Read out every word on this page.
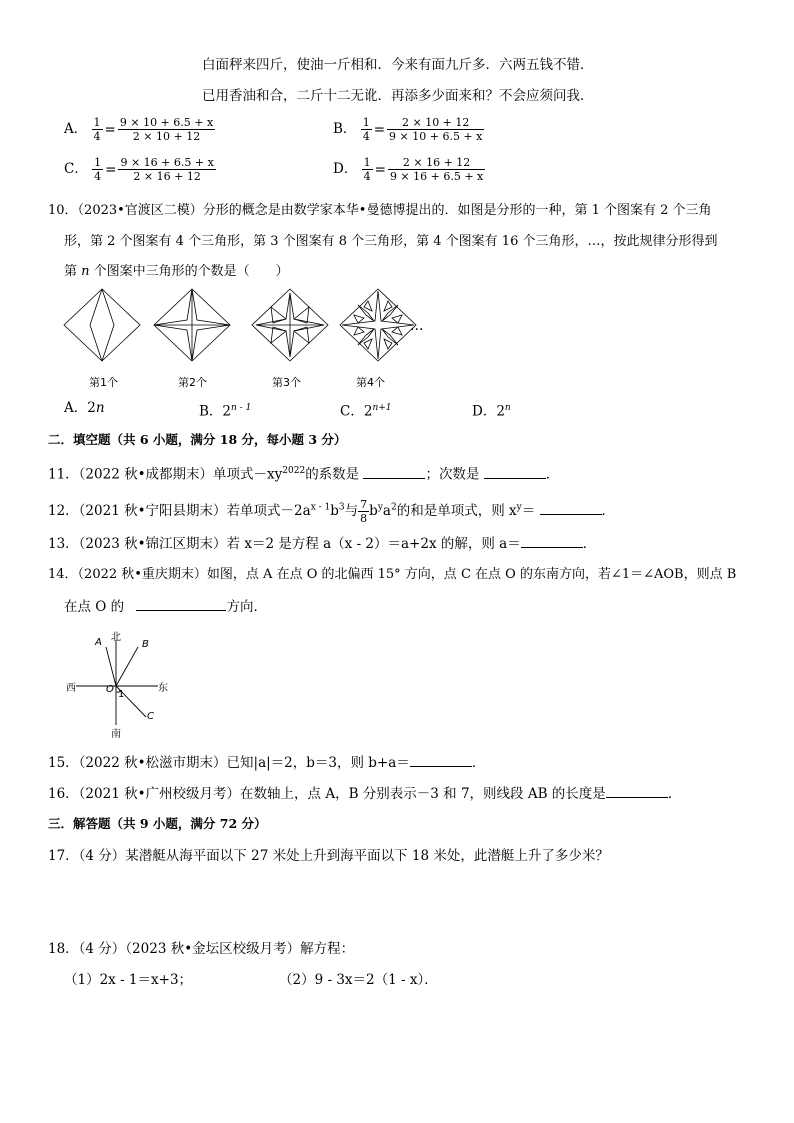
白面秤来四斤，使油一斤相和．今来有面九斤多．六两五钱不错．
已用香油和合，二斤十二无讹．再添多少面来和？不会应须问我．
A． $\frac{1}{4} = \frac{9 \times 10 + 6.5 + x}{2 \times 10 + 12}$	B． $\frac{1}{4} = \frac{2 \times 10 + 12}{9 \times 10 + 6.5 + x}$
C． $\frac{1}{4} = \frac{9 \times 16 + 6.5 + x}{2 \times 16 + 12}$	D． $\frac{1}{4} = \frac{2 \times 16 + 12}{9 \times 16 + 6.5 + x}$
10．（2023•官渡区二模）分形的概念是由数学家本华•曼德博提出的．如图是分形的一种，第 1 个图案有 2 个三角
形，第 2 个图案有 4 个三角形，第 3 个图案有 8 个三角形，第 4 个图案有 16 个三角形，…，按此规律分形得到
第 n 个图案中三角形的个数是（　　）
…
第1个	第2个	第3个	第4个
A．2n	B．2$^{n - 1}$	C．$2^{n+1}$	D．2$^n$
二．填空题（共 6 小题，满分 18 分，每小题 3 分）
11．（2022 秋•成都期末）单项式$-xy^{2022}$的系数是	；次数是	．
12．（2021 秋•宁阳县期末）若单项式$-2a^{x - 1}b^3$与 $\frac{7}{8} b^ya^2$的和是单项式，则 $x^y=$	．
13．（2023 秋•锦江区期末）若 x＝2 是方程 a（x - 2）＝a+2x 的解，则 a＝	．
14．（2022 秋•重庆期末）如图，点 A 在点 O 的北偏西 15° 方向，点 C 在点 O 的东南方向，若∠1＝∠AOB，则点 B
在点 O 的	方向．
北
南
西	东
A	B
C
O 1
15．（2022 秋•松滋市期末）已知|a|＝2，b＝3，则 b+a＝	．
16．（2021 秋•广州校级月考）在数轴上，点 A，B 分别表示－3 和 7，则线段 AB 的长度是	．
三．解答题（共 9 小题，满分 72 分）
17．（4 分）某潜艇从海平面以下 27 米处上升到海平面以下 18 米处，此潜艇上升了多少米？
18．（4 分）（2023 秋•金坛区校级月考）解方程：
（1）2x - 1＝x+3；	（2）9 - 3x＝2（1 - x）．
